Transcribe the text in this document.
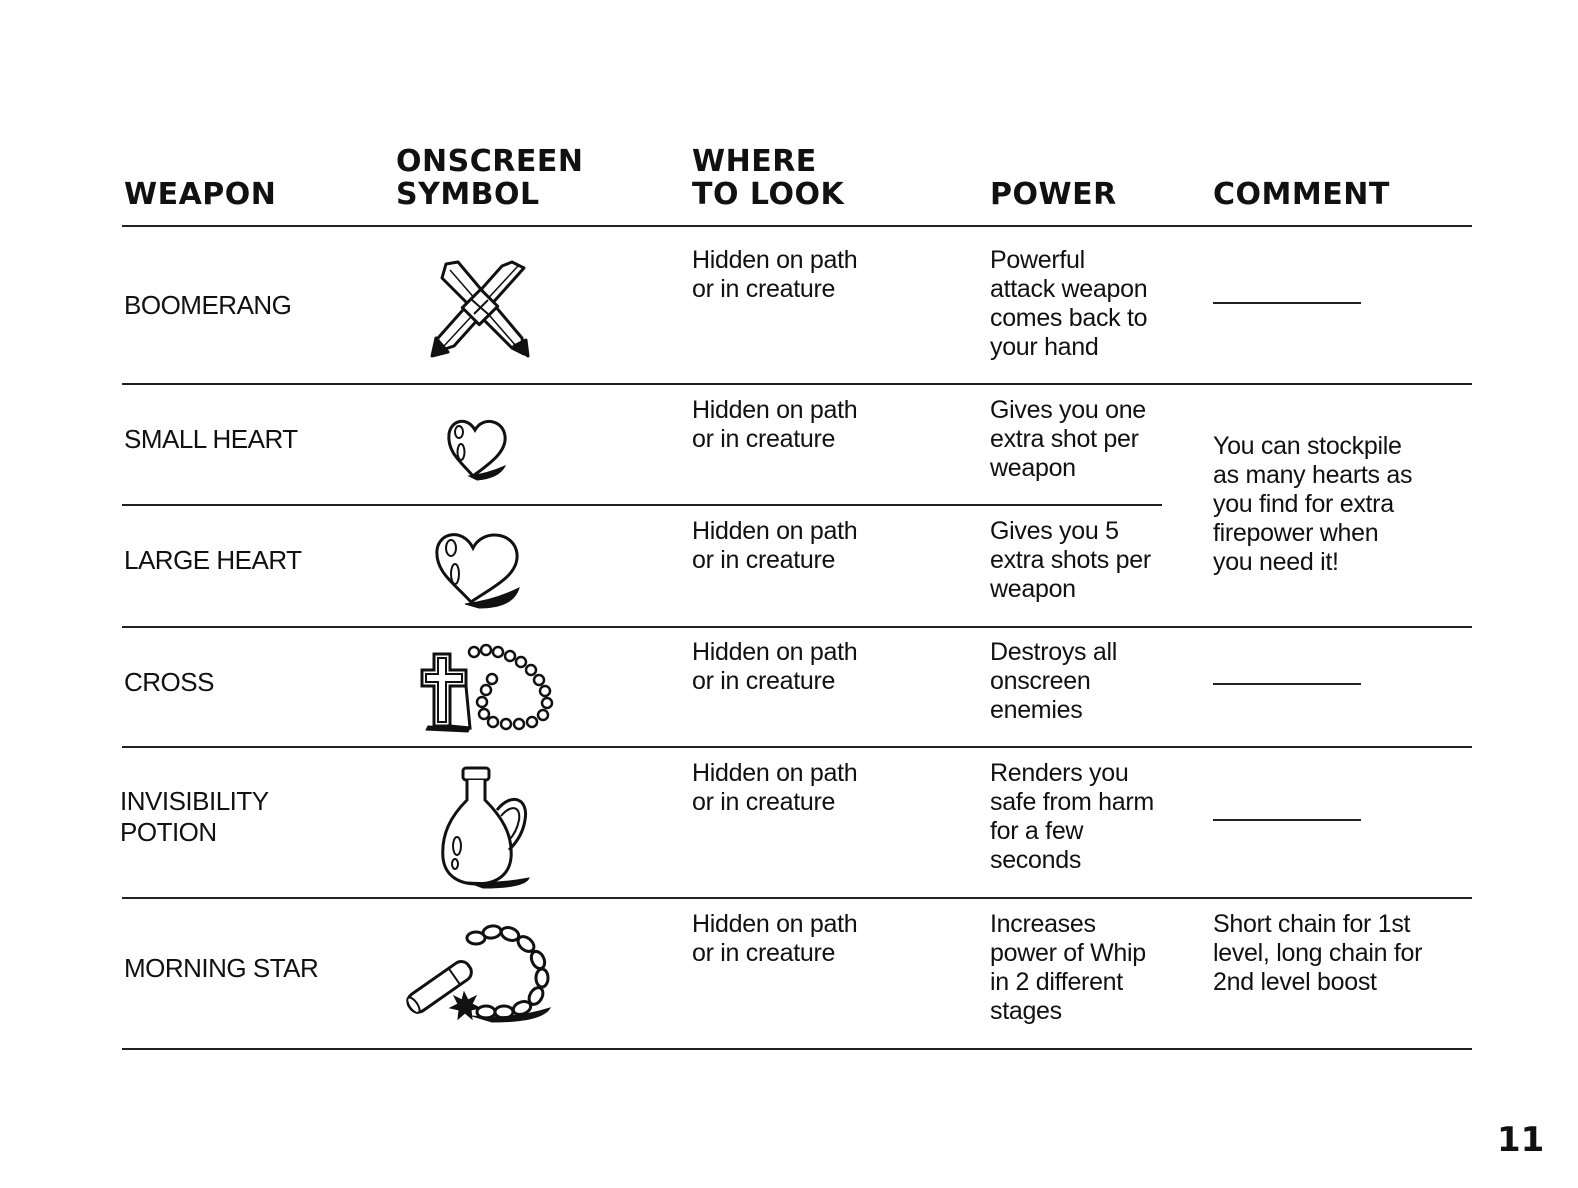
WEAPON
ONSCREEN
SYMBOL
WHERE
TO LOOK	POWER	COMMENT
BOOMERANG
Hidden on path
or in creature
Powerful
attack weapon
comes back to
your hand
SMALL HEART
Hidden on path
or in creature
Gives you one
extra shot per
weapon
You can stockpile
as many hearts as
you find for extra
firepower when
you need it!
LARGE HEART
Hidden on path
or in creature
Gives you 5
extra shots per
weapon
CROSS
Hidden on path
or in creature
Destroys all
onscreen
enemies
INVISIBILITY
POTION
Hidden on path
or in creature
Renders you
safe from harm
for a few
seconds
MORNING STAR
Hidden on path
or in creature
Increases
power of Whip
in 2 different
stages
Short chain for 1st
level, long chain for
2nd level boost
11
